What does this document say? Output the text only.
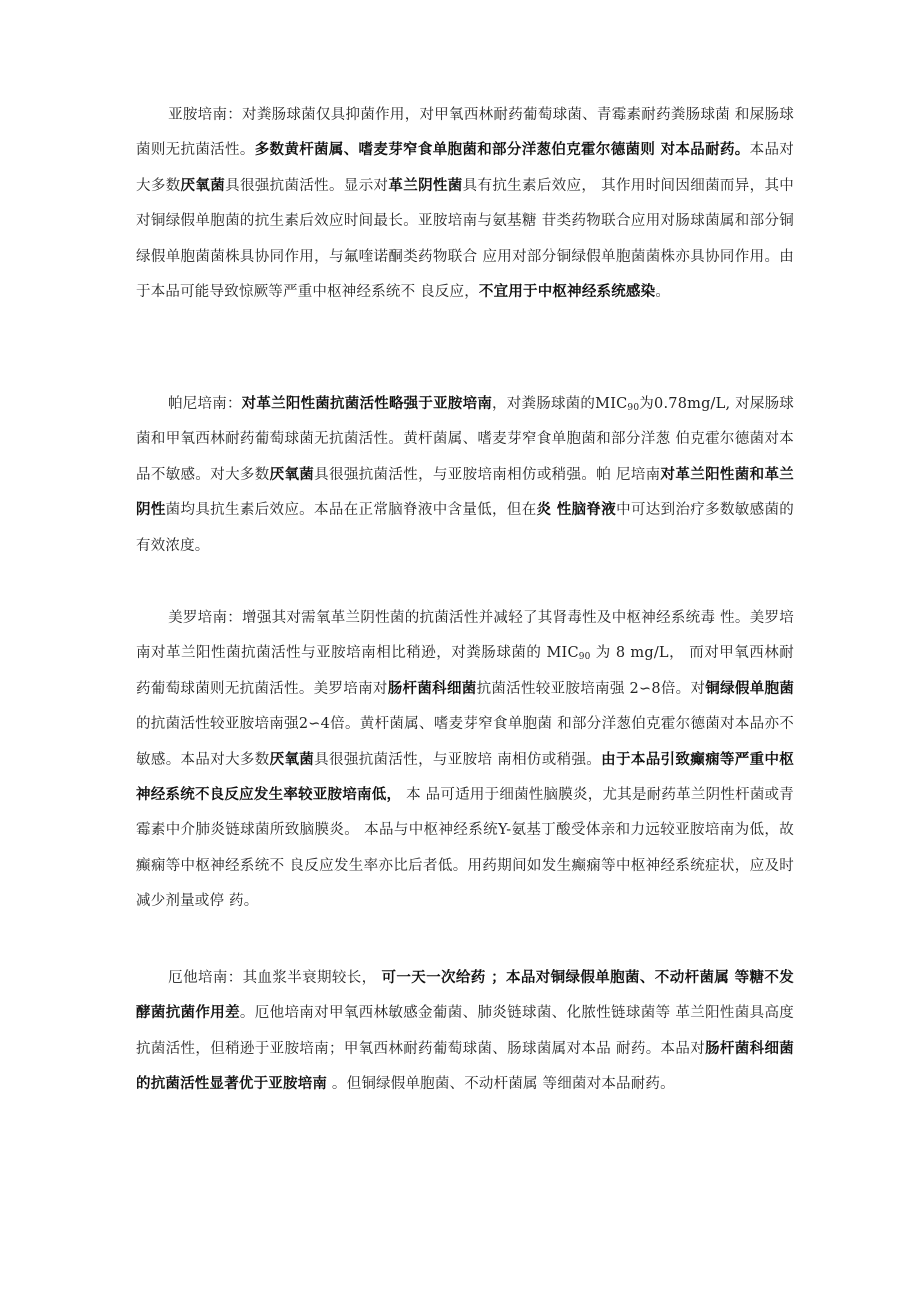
亚胺培南：对粪肠球菌仅具抑菌作用，对甲氧西林耐药葡萄球菌、青霉素耐药粪肠球菌 和屎肠球菌则无抗菌活性。多数黄杆菌属、嗜麦芽窄食单胞菌和部分洋葱伯克霍尔德菌则 对本品耐药。本品对大多数厌氧菌具很强抗菌活性。显示对革兰阴性菌具有抗生素后效应， 其作用时间因细菌而异，其中对铜绿假单胞菌的抗生素后效应时间最长。亚胺培南与氨基糖 苷类药物联合应用对肠球菌属和部分铜绿假单胞菌菌株具协同作用，与氟喹诺酮类药物联合 应用对部分铜绿假单胞菌菌株亦具协同作用。由于本品可能导致惊厥等严重中枢神经系统不 良反应，不宜用于中枢神经系统感染。

帕尼培南：对革兰阳性菌抗菌活性略强于亚胺培南，对粪肠球菌的$MIC_{90}$为0.78mg/L, 对屎肠球菌和甲氧西林耐药葡萄球菌无抗菌活性。黄杆菌属、嗜麦芽窄食单胞菌和部分洋葱 伯克霍尔德菌对本品不敏感。对大多数厌氧菌具很强抗菌活性，与亚胺培南相仿或稍强。帕 尼培南对革兰阳性菌和革兰阴性菌均具抗生素后效应。本品在正常脑脊液中含量低，但在炎 性脑脊液中可达到治疗多数敏感菌的有效浓度。

美罗培南：增强其对需氧革兰阴性菌的抗菌活性并减轻了其肾毒性及中枢神经系统毒 性。美罗培南对革兰阳性菌抗菌活性与亚胺培南相比稍逊，对粪肠球菌的 $MIC_{90}$ 为 8 mg/L， 而对甲氧西林耐药葡萄球菌则无抗菌活性。美罗培南对肠杆菌科细菌抗菌活性较亚胺培南强 2∽8倍。对铜绿假单胞菌的抗菌活性较亚胺培南强2∽4倍。黄杆菌属、嗜麦芽窄食单胞菌 和部分洋葱伯克霍尔德菌对本品亦不敏感。本品对大多数厌氧菌具很强抗菌活性，与亚胺培 南相仿或稍强。由于本品引致癫痫等严重中枢神经系统不良反应发生率较亚胺培南低， 本 品可适用于细菌性脑膜炎，尤其是耐药革兰阴性杆菌或青霉素中介肺炎链球菌所致脑膜炎。 本品与中枢神经系统Y-氨基丁酸受体亲和力远较亚胺培南为低，故癫痫等中枢神经系统不 良反应发生率亦比后者低。用药期间如发生癫痫等中枢神经系统症状，应及时减少剂量或停 药。

厄他培南：其血浆半衰期较长， 可一天一次给药 ；本品对铜绿假单胞菌、不动杆菌属 等糖不发酵菌抗菌作用差。厄他培南对甲氧西林敏感金葡菌、肺炎链球菌、化脓性链球菌等 革兰阳性菌具高度抗菌活性，但稍逊于亚胺培南；甲氧西林耐药葡萄球菌、肠球菌属对本品 耐药。本品对肠杆菌科细菌的抗菌活性显著优于亚胺培南 。但铜绿假单胞菌、不动杆菌属 等细菌对本品耐药。
